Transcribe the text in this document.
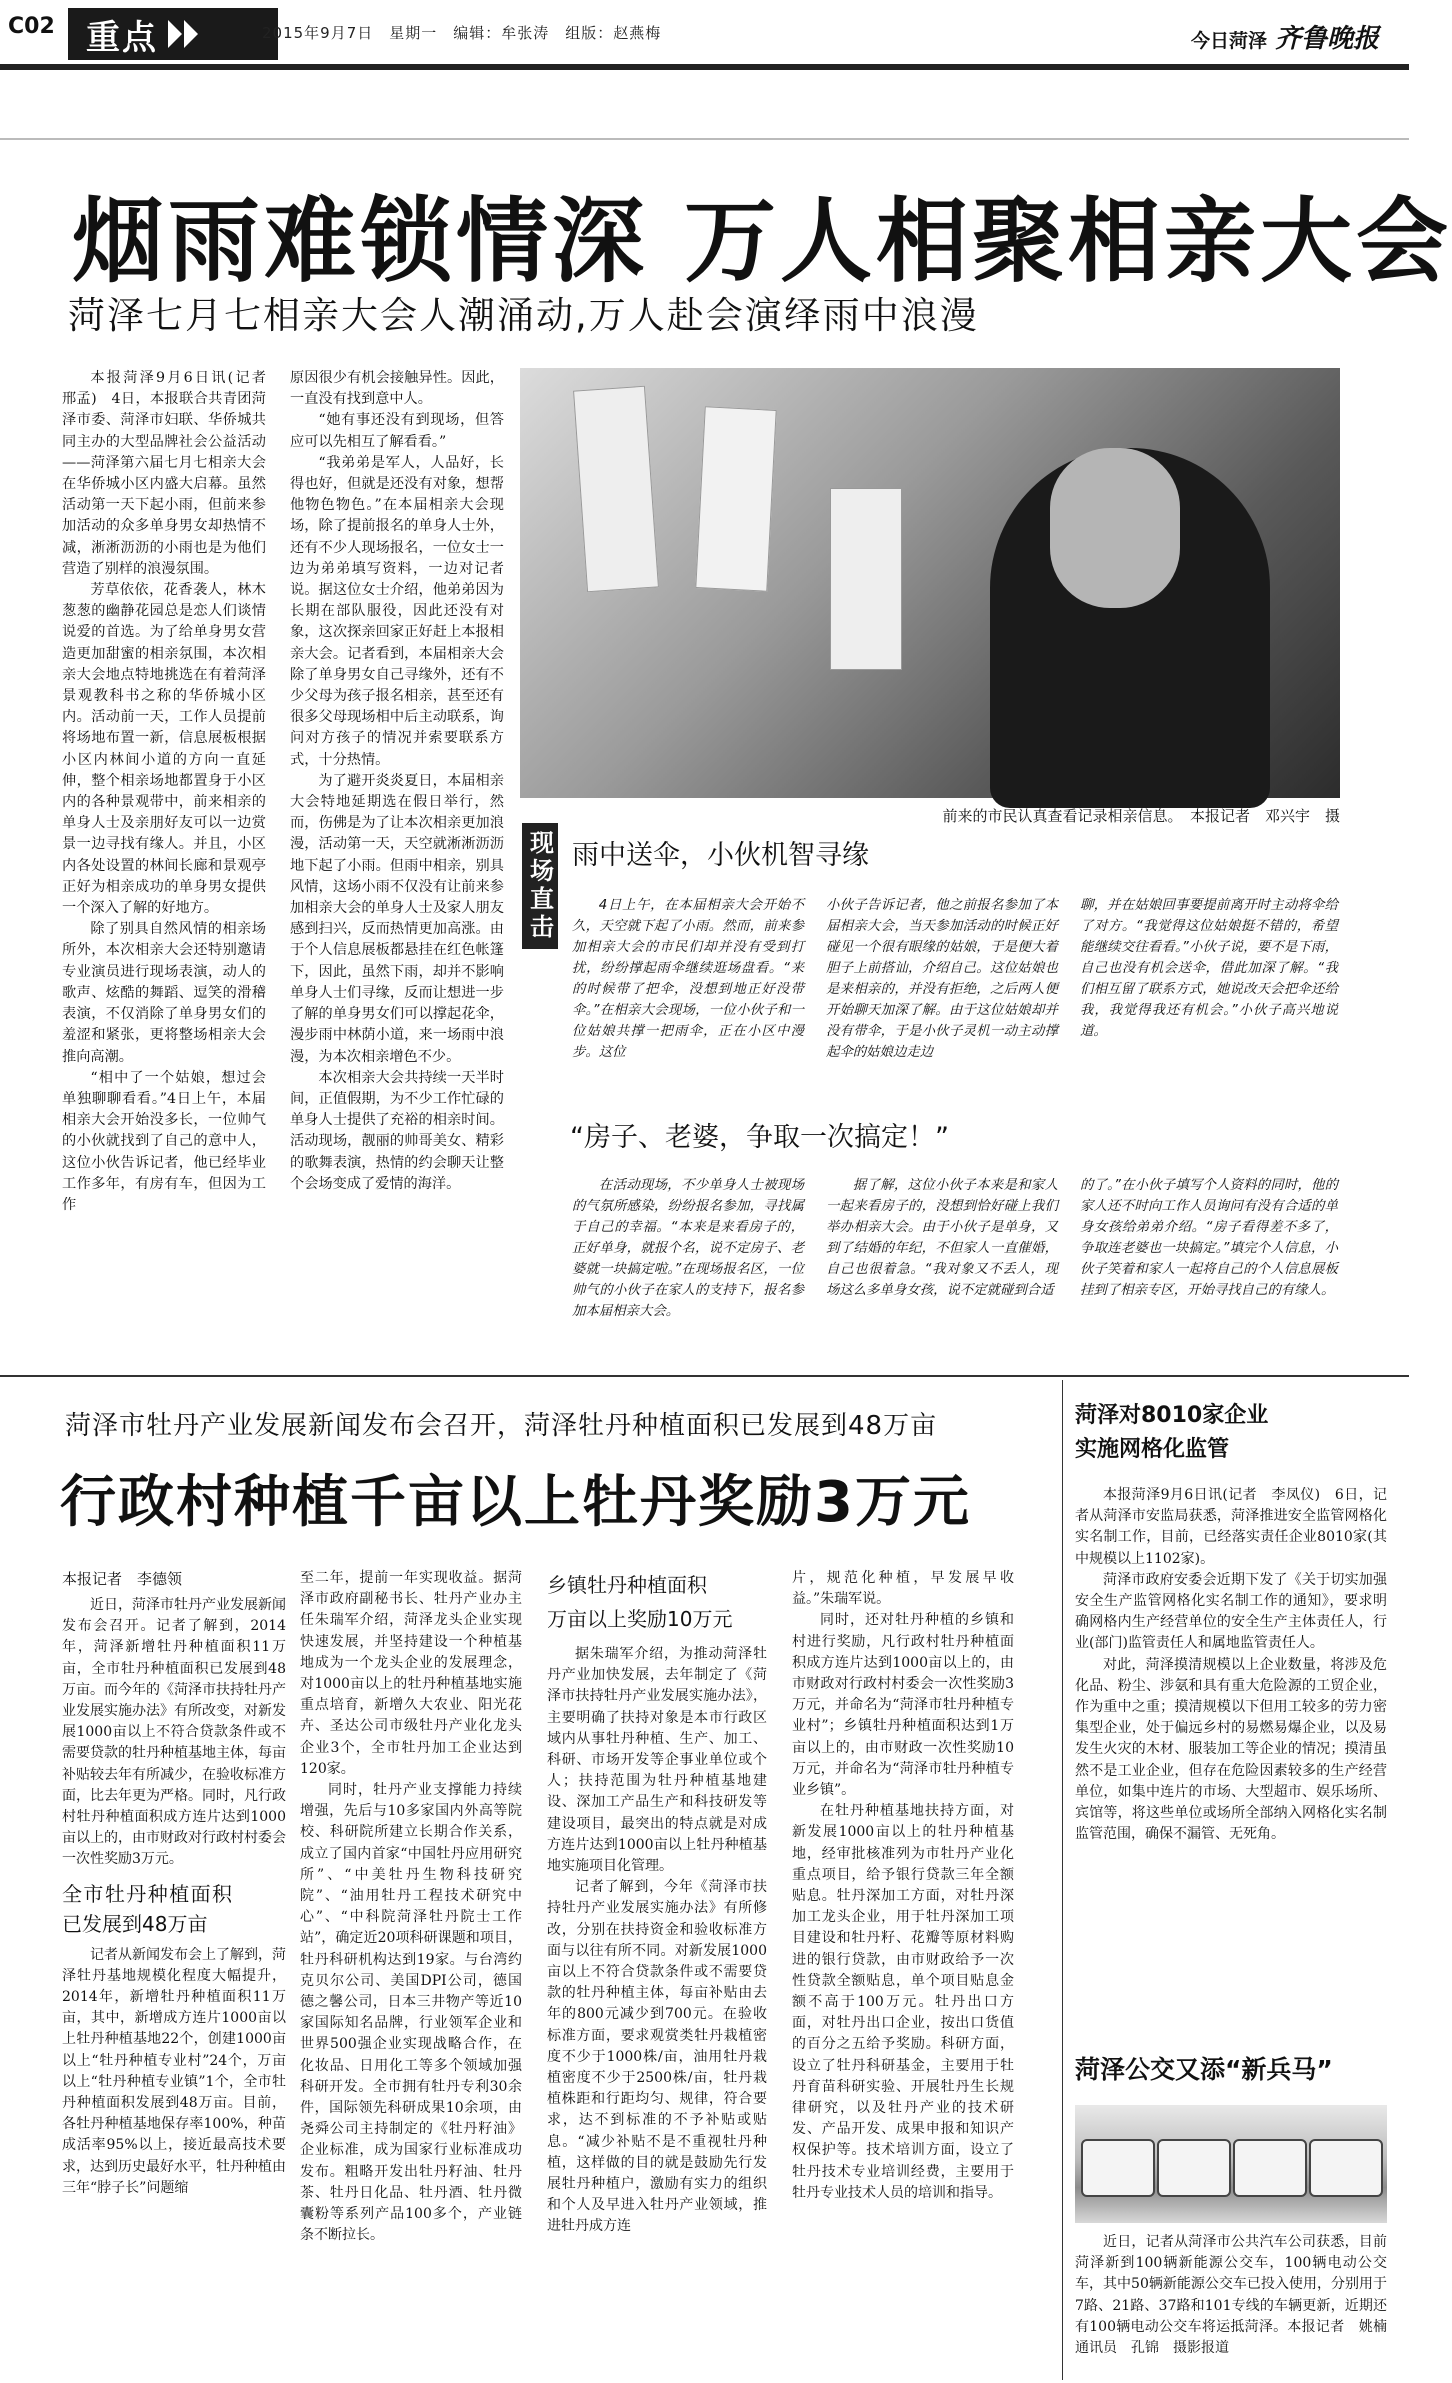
C02 重点	2015年9月7日　星期一　编辑：牟张涛　组版：赵燕梅	今日菏泽 齐鲁晚报
烟雨难锁情深 万人相聚相亲大会
菏泽七月七相亲大会人潮涌动,万人赴会演绎雨中浪漫

本报菏泽9月6日讯(记者　邢孟)　4日，本报联合共青团菏泽市委、菏泽市妇联、华侨城共同主办的大型品牌社会公益活动——菏泽第六届七月七相亲大会在华侨城小区内盛大启幕。虽然活动第一天下起小雨，但前来参加活动的众多单身男女却热情不减，淅淅沥沥的小雨也是为他们营造了别样的浪漫氛围。

芳草依依，花香袭人，林木葱葱的幽静花园总是恋人们谈情说爱的首选。为了给单身男女营造更加甜蜜的相亲氛围，本次相亲大会地点特地挑选在有着菏泽景观教科书之称的华侨城小区内。活动前一天，工作人员提前将场地布置一新，信息展板根据小区内林间小道的方向一直延伸，整个相亲场地都置身于小区内的各种景观带中，前来相亲的单身人士及亲朋好友可以一边赏景一边寻找有缘人。并且，小区内各处设置的林间长廊和景观亭正好为相亲成功的单身男女提供一个深入了解的好地方。

除了别具自然风情的相亲场所外，本次相亲大会还特别邀请专业演员进行现场表演，动人的歌声、炫酷的舞蹈、逗笑的滑稽表演，不仅消除了单身男女们的羞涩和紧张，更将整场相亲大会推向高潮。

“相中了一个姑娘，想过会单独聊聊看看。”4日上午，本届相亲大会开始没多长，一位帅气的小伙就找到了自己的意中人，这位小伙告诉记者，他已经毕业工作多年，有房有车，但因为工作

原因很少有机会接触异性。因此，一直没有找到意中人。

“她有事还没有到现场，但答应可以先相互了解看看。”

“我弟弟是军人，人品好，长得也好，但就是还没有对象，想帮他物色物色。”在本届相亲大会现场，除了提前报名的单身人士外，还有不少人现场报名，一位女士一边为弟弟填写资料，一边对记者说。据这位女士介绍，他弟弟因为长期在部队服役，因此还没有对象，这次探亲回家正好赶上本报相亲大会。记者看到，本届相亲大会除了单身男女自己寻缘外，还有不少父母为孩子报名相亲，甚至还有很多父母现场相中后主动联系，询问对方孩子的情况并索要联系方式，十分热情。

为了避开炎炎夏日，本届相亲大会特地延期选在假日举行，然而，伤佛是为了让本次相亲更加浪漫，活动第一天，天空就淅淅沥沥地下起了小雨。但雨中相亲，别具风情，这场小雨不仅没有让前来参加相亲大会的单身人士及家人朋友感到扫兴，反而热情更加高涨。由于个人信息展板都悬挂在红色帐篷下，因此，虽然下雨，却并不影响单身人士们寻缘，反而让想进一步了解的单身男女们可以撑起花伞，漫步雨中林荫小道，来一场雨中浪漫，为本次相亲增色不少。

本次相亲大会共持续一天半时间，正值假期，为不少工作忙碌的单身人士提供了充裕的相亲时间。活动现场，靓丽的帅哥美女、精彩的歌舞表演，热情的约会聊天让整个会场变成了爱情的海洋。

前来的市民认真查看记录相亲信息。　本报记者　邓兴宇　摄
现场直击 雨中送伞，小伙机智寻缘

4日上午，在本届相亲大会开始不久，天空就下起了小雨。然而，前来参加相亲大会的市民们却并没有受到打扰，纷纷撑起雨伞继续逛场盘看。“来的时候带了把伞，没想到地正好没带伞。”在相亲大会现场，一位小伙子和一位姑娘共撑一把雨伞，正在小区中漫步。这位

小伙子告诉记者，他之前报名参加了本届相亲大会，当天参加活动的时候正好碰见一个很有眼缘的姑娘，于是便大着胆子上前搭讪，介绍自己。这位姑娘也是来相亲的，并没有拒绝，之后两人便开始聊天加深了解。由于这位姑娘却并没有带伞，于是小伙子灵机一动主动撑起伞的姑娘边走边

聊，并在姑娘回事要提前离开时主动将伞给了对方。“我觉得这位姑娘挺不错的，希望能继续交往看看。”小伙子说，要不是下雨，自己也没有机会送伞，借此加深了解。“我们相互留了联系方式，她说改天会把伞还给我，我觉得我还有机会。”小伙子高兴地说道。

“房子、老婆，争取一次搞定！”

在活动现场，不少单身人士被现场的气氛所感染，纷纷报名参加，寻找属于自己的幸福。“本来是来看房子的，正好单身，就报个名，说不定房子、老婆就一块搞定啦。”在现场报名区，一位帅气的小伙子在家人的支持下，报名参加本届相亲大会。

据了解，这位小伙子本来是和家人一起来看房子的，没想到恰好碰上我们举办相亲大会。由于小伙子是单身，又到了结婚的年纪，不但家人一直催婚，自己也很着急。“我对象又不丢人，现场这么多单身女孩，说不定就碰到合适

的了。”在小伙子填写个人资料的同时，他的家人还不时向工作人员询问有没有合适的单身女孩给弟弟介绍。“房子看得差不多了，争取连老婆也一块搞定。”填完个人信息，小伙子笑着和家人一起将自己的个人信息展板挂到了相亲专区，开始寻找自己的有缘人。

菏泽市牡丹产业发展新闻发布会召开，菏泽牡丹种植面积已发展到48万亩
行政村种植千亩以上牡丹奖励3万元
本报记者　李德领

近日，菏泽市牡丹产业发展新闻发布会召开。记者了解到，2014年，菏泽新增牡丹种植面积11万亩，全市牡丹种植面积已发展到48万亩。而今年的《菏泽市扶持牡丹产业发展实施办法》有所改变，对新发展1000亩以上不符合贷款条件或不需要贷款的牡丹种植基地主体，每亩补贴较去年有所减少，在验收标准方面，比去年更为严格。同时，凡行政村牡丹种植面积成方连片达到1000亩以上的，由市财政对行政村村委会一次性奖励3万元。

全市牡丹种植面积已发展到48万亩

记者从新闻发布会上了解到，菏泽牡丹基地规模化程度大幅提升，2014年，新增牡丹种植面积11万亩，其中，新增成方连片1000亩以上牡丹种植基地22个，创建1000亩以上“牡丹种植专业村”24个，万亩以上“牡丹种植专业镇”1个，全市牡丹种植面积发展到48万亩。目前，各牡丹种植基地保存率100%，种苗成活率95%以上，接近最高技术要求，达到历史最好水平，牡丹种植由三年“脖子长”问题缩

至二年，提前一年实现收益。据菏泽市政府副秘书长、牡丹产业办主任朱瑞军介绍，菏泽龙头企业实现快速发展，并坚持建设一个种植基地成为一个龙头企业的发展理念，对1000亩以上的牡丹种植基地实施重点培育，新增久大农业、阳光花卉、圣达公司市级牡丹产业化龙头企业3个，全市牡丹加工企业达到120家。

同时，牡丹产业支撑能力持续增强，先后与10多家国内外高等院校、科研院所建立长期合作关系，成立了国内首家“中国牡丹应用研究所”、“中美牡丹生物科技研究院”、“油用牡丹工程技术研究中心”、“中科院菏泽牡丹院士工作站”，确定近20项科研课题和项目，牡丹科研机构达到19家。与台湾约克贝尔公司、美国DPI公司，德国德之馨公司，日本三井物产等近10家国际知名品牌，行业领军企业和世界500强企业实现战略合作，在化妆品、日用化工等多个领域加强科研开发。全市拥有牡丹专利30余件，国际领先科研成果10余项，由尧舜公司主持制定的《牡丹籽油》企业标准，成为国家行业标准成功发布。粗略开发出牡丹籽油、牡丹茶、牡丹日化品、牡丹酒、牡丹微囊粉等系列产品100多个，产业链条不断拉长。

乡镇牡丹种植面积
万亩以上奖励10万元

据朱瑞军介绍，为推动菏泽牡丹产业加快发展，去年制定了《菏泽市扶持牡丹产业发展实施办法》，主要明确了扶持对象是本市行政区域内从事牡丹种植、生产、加工、科研、市场开发等企事业单位或个人；扶持范围为牡丹种植基地建设、深加工产品生产和科技研发等建设项目，最突出的特点就是对成方连片达到1000亩以上牡丹种植基地实施项目化管理。

记者了解到，今年《菏泽市扶持牡丹产业发展实施办法》有所修改，分别在扶持资金和验收标准方面与以往有所不同。对新发展1000亩以上不符合贷款条件或不需要贷款的牡丹种植主体，每亩补贴由去年的800元减少到700元。在验收标准方面，要求观赏类牡丹栽植密度不少于1000株/亩，油用牡丹栽植密度不少于2500株/亩，牡丹栽植株距和行距均匀、规律，符合要求，达不到标准的不予补贴或贴息。“减少补贴不是不重视牡丹种植，这样做的目的就是鼓励先行发展牡丹种植户，激励有实力的组织和个人及早进入牡丹产业领域，推进牡丹成方连

片，规范化种植，早发展早收益。”朱瑞军说。

同时，还对牡丹种植的乡镇和村进行奖励，凡行政村牡丹种植面积成方连片达到1000亩以上的，由市财政对行政村村委会一次性奖励3万元，并命名为“菏泽市牡丹种植专业村”；乡镇牡丹种植面积达到1万亩以上的，由市财政一次性奖励10万元，并命名为“菏泽市牡丹种植专业乡镇”。

在牡丹种植基地扶持方面，对新发展1000亩以上的牡丹种植基地，经审批核准列为市牡丹产业化重点项目，给予银行贷款三年全额贴息。牡丹深加工方面，对牡丹深加工龙头企业，用于牡丹深加工项目建设和牡丹籽、花瓣等原材料购进的银行贷款，由市财政给予一次性贷款全额贴息，单个项目贴息金额不高于100万元。牡丹出口方面，对牡丹出口企业，按出口货值的百分之五给予奖励。科研方面，设立了牡丹科研基金，主要用于牡丹育苗科研实验、开展牡丹生长规律研究，以及牡丹产业的技术研发、产品开发、成果申报和知识产权保护等。技术培训方面，设立了牡丹技术专业培训经费，主要用于牡丹专业技术人员的培训和指导。

菏泽对8010家企业
实施网格化监管

本报菏泽9月6日讯(记者　李凤仪)　6日，记者从菏泽市安监局获悉，菏泽推进安全监管网格化实名制工作，目前，已经落实责任企业8010家(其中规模以上1102家)。

菏泽市政府安委会近期下发了《关于切实加强安全生产监管网格化实名制工作的通知》，要求明确网格内生产经营单位的安全生产主体责任人，行业(部门)监管责任人和属地监管责任人。

对此，菏泽摸清规模以上企业数量，将涉及危化品、粉尘、涉氨和具有重大危险源的工贸企业，作为重中之重；摸清规模以下但用工较多的劳力密集型企业，处于偏远乡村的易燃易爆企业，以及易发生火灾的木材、服装加工等企业的情况；摸清虽然不是工业企业，但存在危险因素较多的生产经营单位，如集中连片的市场、大型超市、娱乐场所、宾馆等，将这些单位或场所全部纳入网格化实名制监管范围，确保不漏管、无死角。

菏泽公交又添“新兵马”

近日，记者从菏泽市公共汽车公司获悉，目前菏泽新到100辆新能源公交车，100辆电动公交车，其中50辆新能源公交车已投入使用，分别用于7路、21路、37路和101专线的车辆更新，近期还有100辆电动公交车将运抵菏泽。本报记者　姚楠　通讯员　孔锦　摄影报道
